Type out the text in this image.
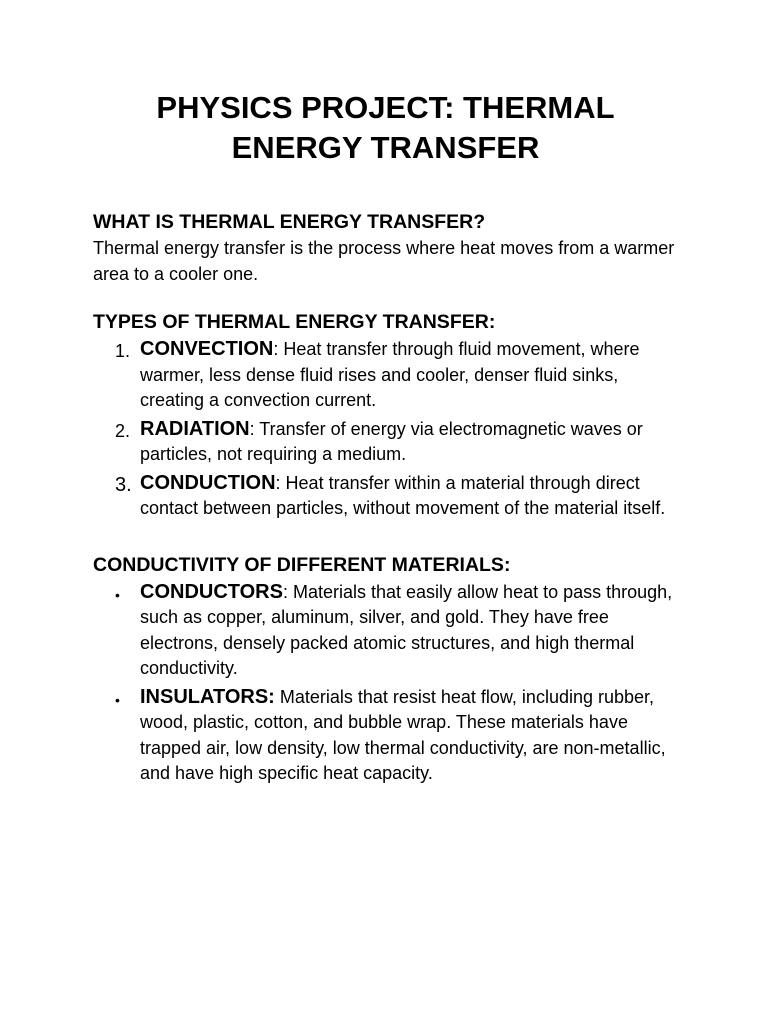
PHYSICS PROJECT: THERMAL
ENERGY TRANSFER
WHAT IS THERMAL ENERGY TRANSFER?

Thermal energy transfer is the process where heat moves from a warmer area to a cooler one.

TYPES OF THERMAL ENERGY TRANSFER:
1. CONVECTION: Heat transfer through fluid movement, where warmer, less dense fluid rises and cooler, denser fluid sinks, creating a convection current.
2. RADIATION: Transfer of energy via electromagnetic waves or particles, not requiring a medium.
3. CONDUCTION: Heat transfer within a material through direct contact between particles, without movement of the material itself.
CONDUCTIVITY OF DIFFERENT MATERIALS:
•	CONDUCTORS: Materials that easily allow heat to pass through, such as copper, aluminum, silver, and gold. They have free electrons, densely packed atomic structures, and high thermal conductivity.
•	INSULATORS: Materials that resist heat flow, including rubber, wood, plastic, cotton, and bubble wrap. These materials have trapped air, low density, low thermal conductivity, are non-metallic, and have high specific heat capacity.
